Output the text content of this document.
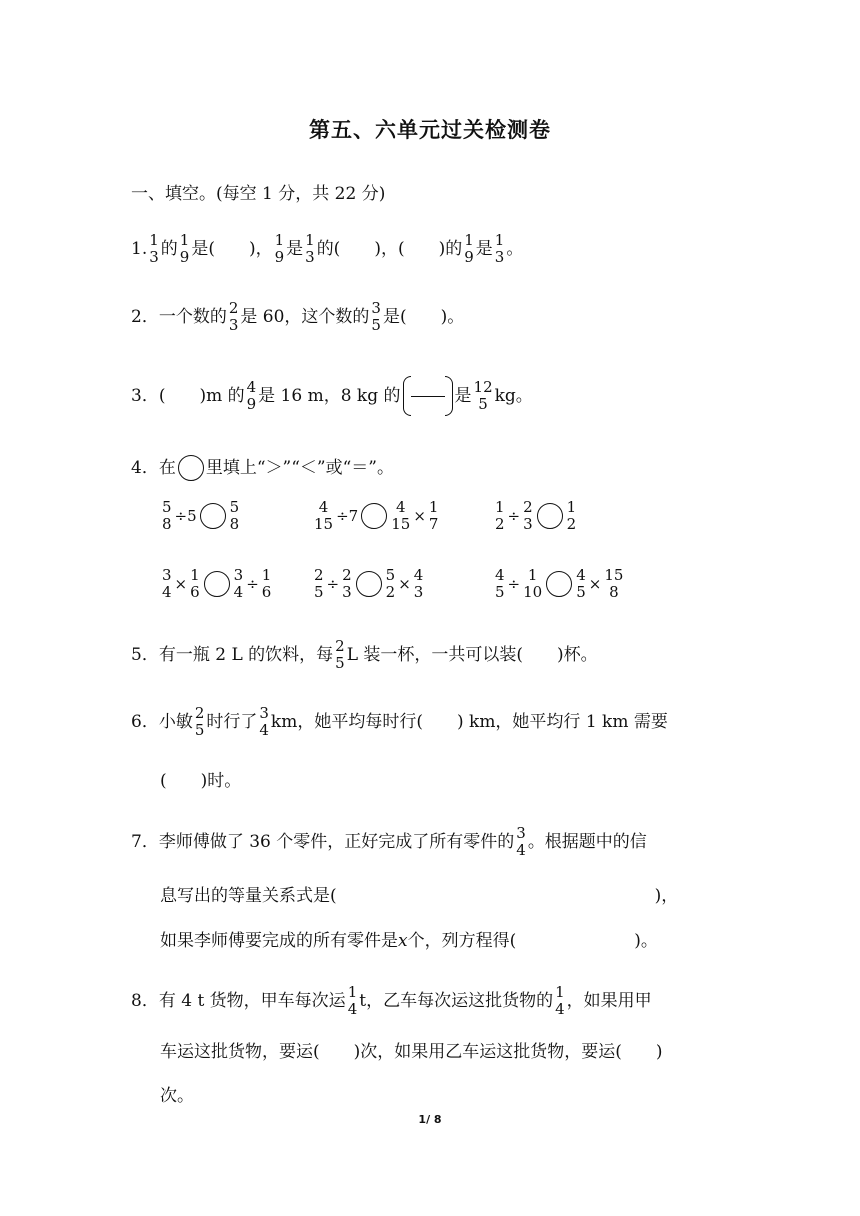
第五、六单元过关检测卷
一、填空。(每空 1 分，共 22 分)
1. 1
3 的 1
9 是(　　)， 1
9 是 1
3 的(　　)，(　　)的 1
9 是 1
3 。
2．一个数的 2
3 是 60，这个数的 3
5 是(　　)。
3．(　　)m 的 4
9 是 16 m，8 kg 的	是 12
5 kg。
4．在 里填上“＞”“＜”或“＝”。
5
8 ÷5 5
8
4
15 ÷7	4
15 × 1
7
1
2 ÷ 2
3
1
2
3
4 × 1
6
3
4 ÷ 1
6
2
5 ÷ 2
3
5
2 × 4
3
4
5 ÷ 1
10
4
5 × 15
8
5．有一瓶 2 L 的饮料，每 2
5 L 装一杯，一共可以装(　　)杯。
6．小敏 2
5 时行了 3
4 km，她平均每时行(　　) km，她平均行 1 km 需要
(　　)时。
7．李师傅做了 36 个零件，正好完成了所有零件的 3
4 。根据题中的信
息写出的等量关系式是(	)，
如果李师傅要完成的所有零件是 x 个，列方程得(	)。
8．有 4 t 货物，甲车每次运 1
4 t，乙车每次运这批货物的 1
4 ，如果用甲
车运这批货物，要运(　　)次，如果用乙车运这批货物，要运(　　)
次。
1/ 8
